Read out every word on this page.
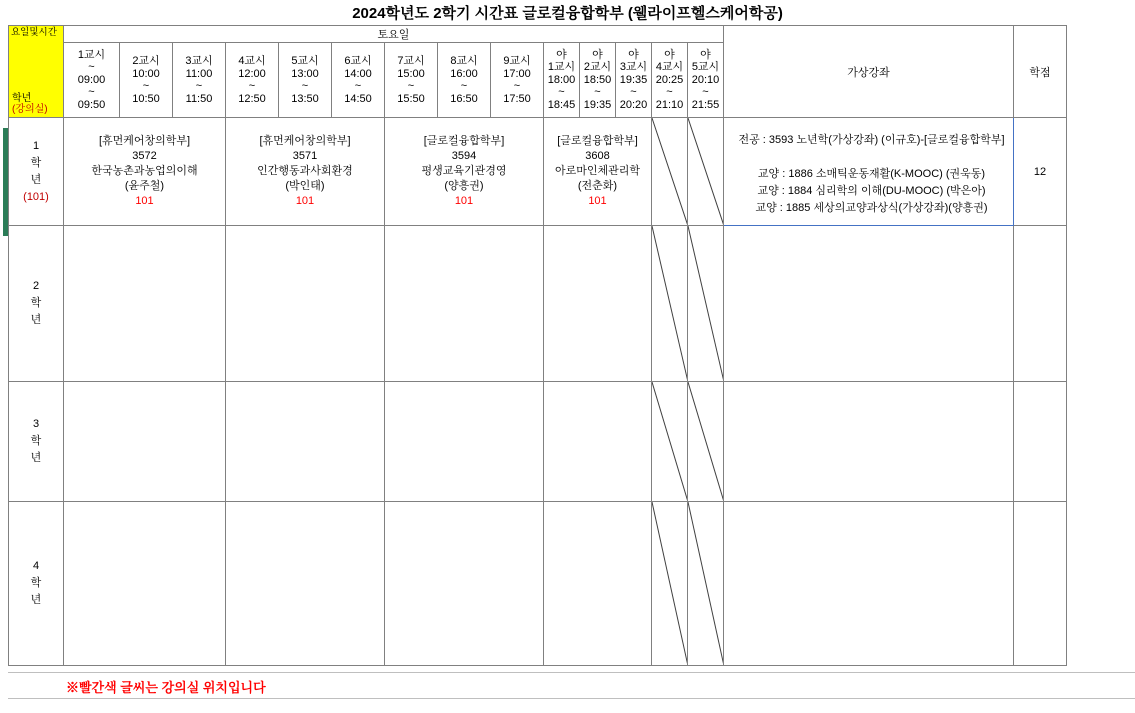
2024학년도 2학기 시간표 글로컬융합학부 (웰라이프헬스케어학공)
요일및시간
학년
(강의실)	토요일														가상강좌	학점
	1교시
~
09:00
~
09:50	2교시
10:00
~
10:50	3교시
11:00
~
11:50	4교시
12:00
~
12:50	5교시
13:00
~
13:50	6교시
14:00
~
14:50	7교시
15:00
~
15:50	8교시
16:00
~
16:50	9교시
17:00
~
17:50	야
1교시
18:00
~
18:45	야
2교시
18:50
~
19:35	야
3교시
19:35
~
20:20	야
4교시
20:25
~
21:10	야
5교시
20:10
~
21:55		
1
학
년
(101)	[휴먼케어창의학부]
3572
한국농촌과농업의이해
(윤주철)
101			[휴먼케어창의학부]
3571
인간행동과사회환경
(박인태)
101			[글로컬융합학부]
3594
평생교육기관경영
(양흥권)
101			[글로컬융합학부]
3608
아로마인체관리학
(전춘화)
101					전공 : 3593 노년학(가상강좌) (이규호)-[글로컬융합학부]

교양 : 1886 소매틱운동재활(K-MOOC) (권욱동)
교양 : 1884 심리학의 이해(DU-MOOC) (박은아)
교양 : 1885 세상의교양과상식(가상강좌)(양흥권)	12
2
학
년					

3
학
년					

4
학
년					

※빨간색 글씨는 강의실 위치입니다
